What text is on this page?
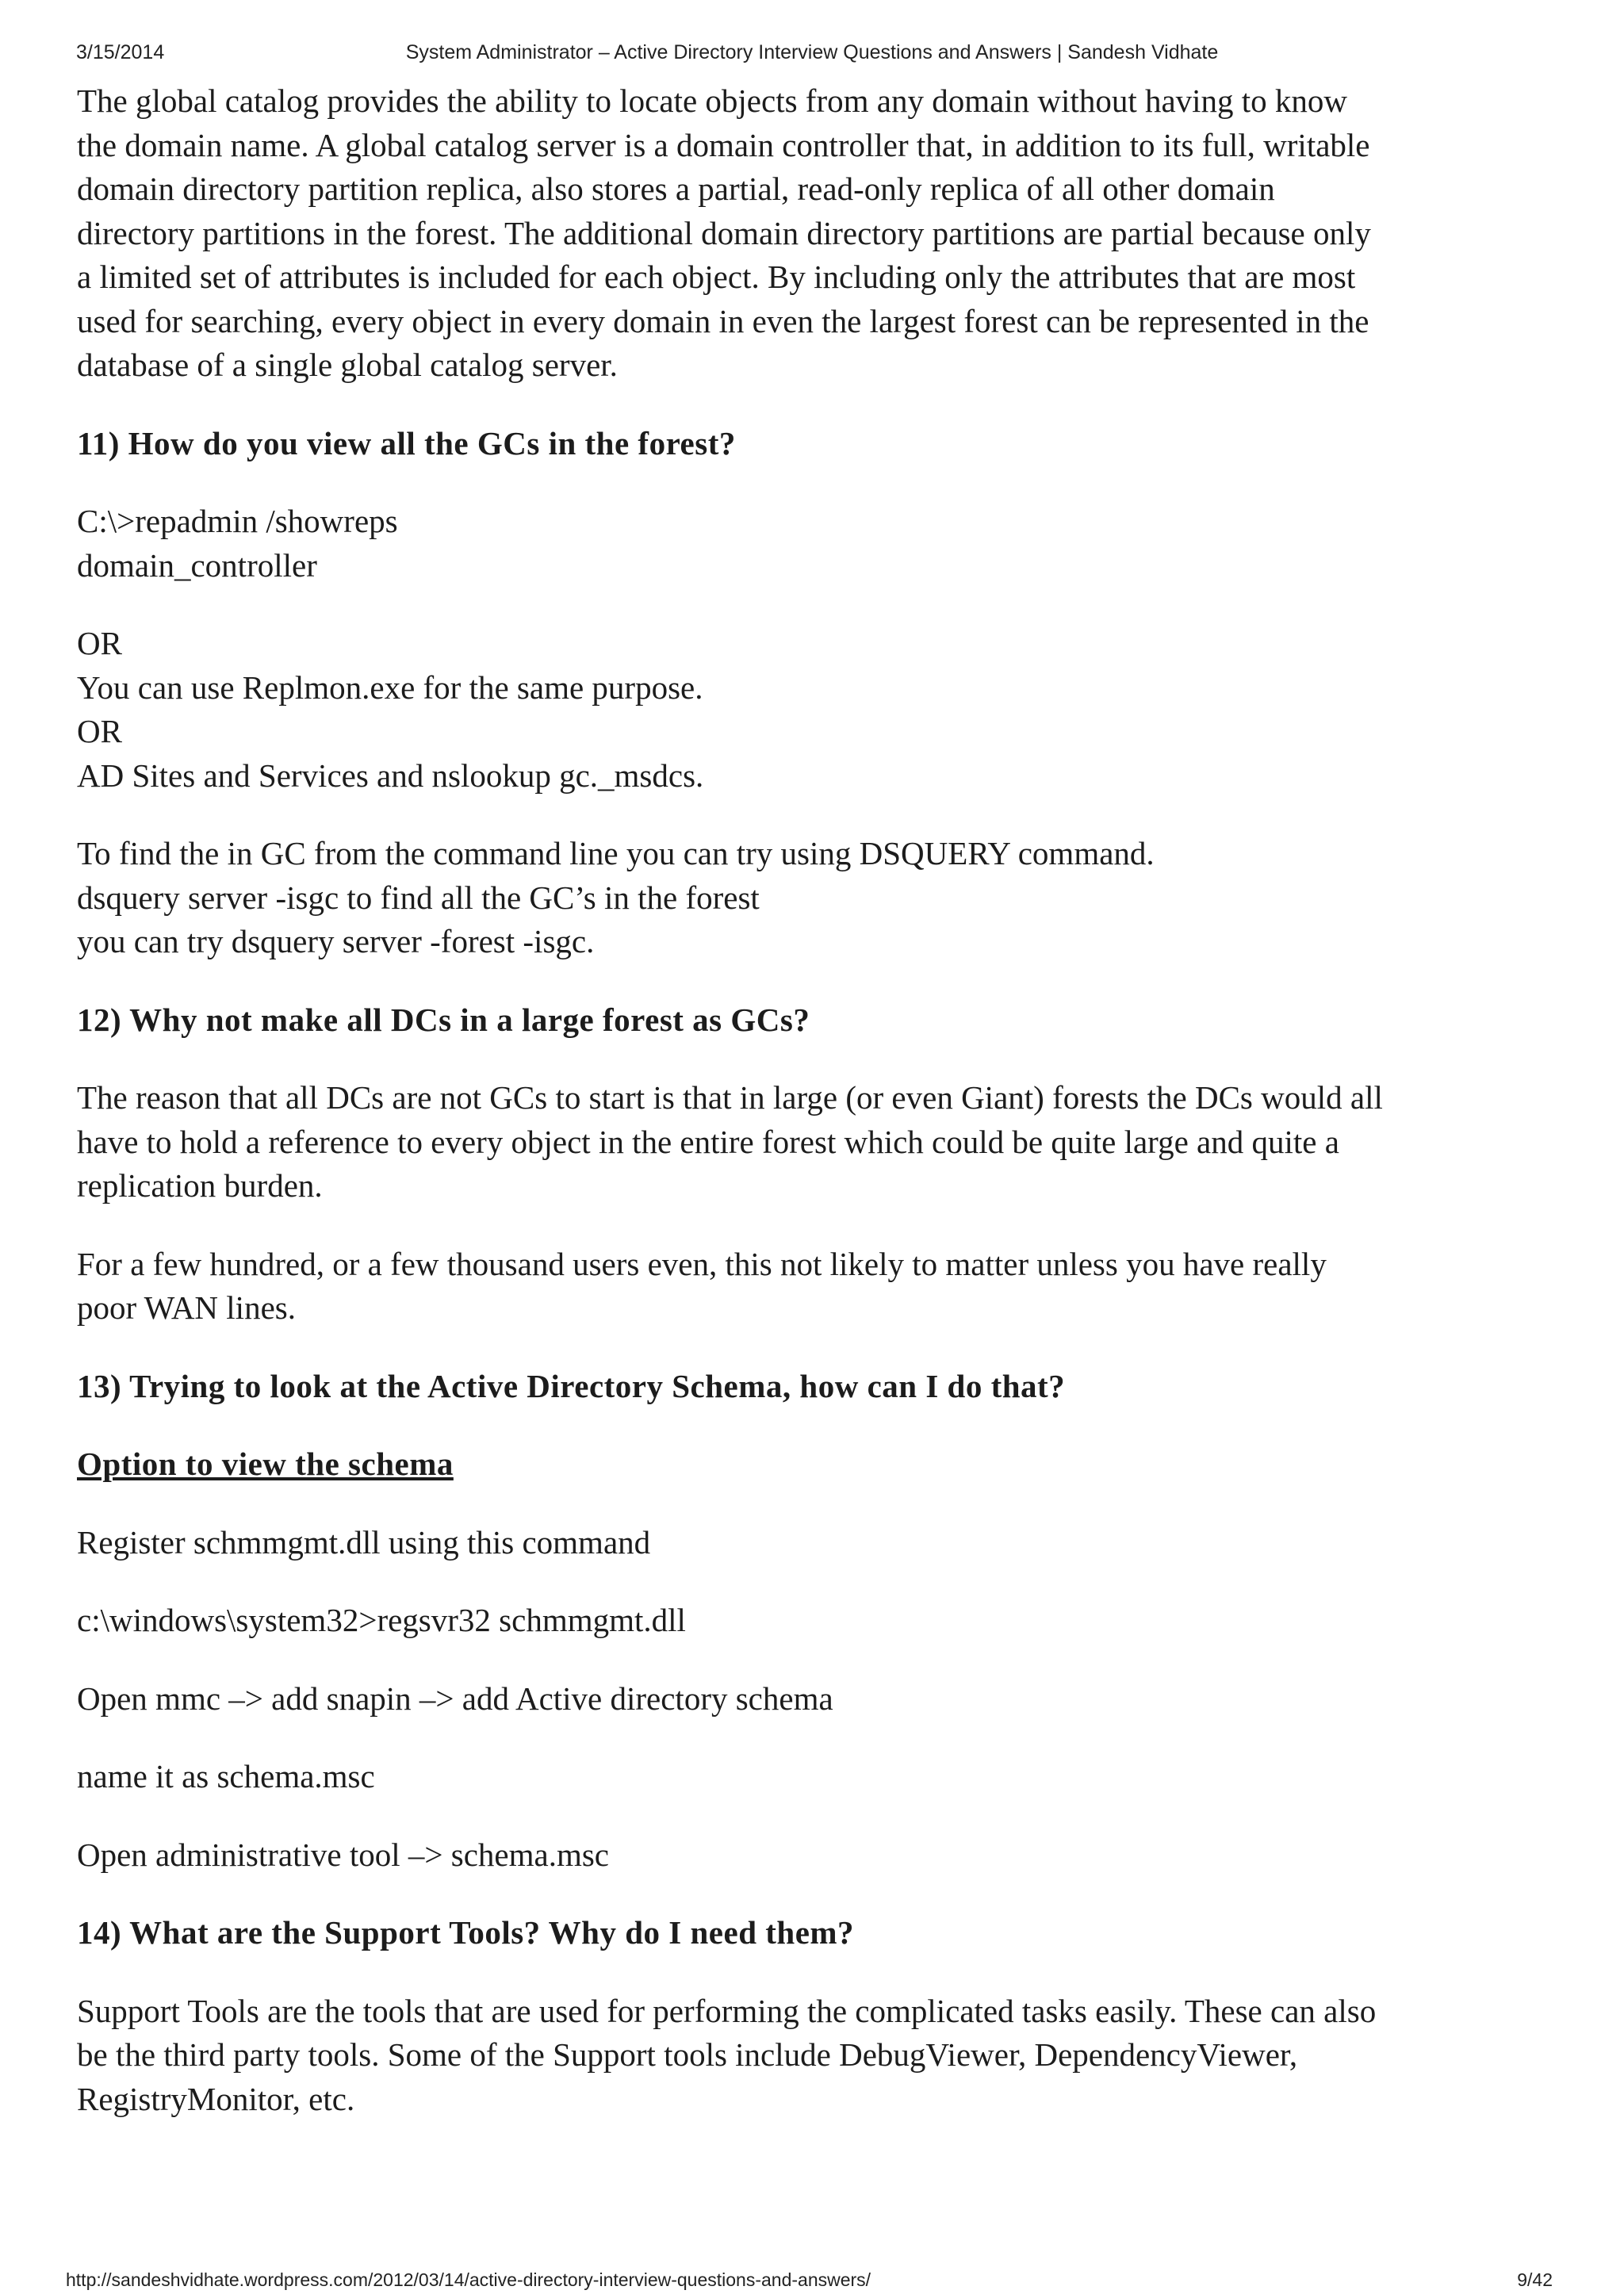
3/15/2014	System Administrator – Active Directory Interview Questions and Answers | Sandesh Vidhate

The global catalog provides the ability to locate objects from any domain without having to know

the domain name. A global catalog server is a domain controller that, in addition to its full, writable

domain directory partition replica, also stores a partial, read-only replica of all other domain

directory partitions in the forest. The additional domain directory partitions are partial because only

a limited set of attributes is included for each object. By including only the attributes that are most

used for searching, every object in every domain in even the largest forest can be represented in the

database of a single global catalog server.

11) How do you view all the GCs in the forest?

C:\>repadmin /showreps

domain_controller

OR

You can use Replmon.exe for the same purpose.

OR

AD Sites and Services and nslookup gc._msdcs.

To find the in GC from the command line you can try using DSQUERY command.

dsquery server -isgc to find all the GC’s in the forest

you can try dsquery server -forest -isgc.

12) Why not make all DCs in a large forest as GCs?

The reason that all DCs are not GCs to start is that in large (or even Giant) forests the DCs would all

have to hold a reference to every object in the entire forest which could be quite large and quite a

replication burden.

For a few hundred, or a few thousand users even, this not likely to matter unless you have really

poor WAN lines.

13) Trying to look at the Active Directory Schema, how can I do that?

Option to view the schema

Register schmmgmt.dll using this command

c:\windows\system32>regsvr32 schmmgmt.dll

Open mmc –> add snapin –> add Active directory schema

name it as schema.msc

Open administrative tool –> schema.msc

14) What are the Support Tools? Why do I need them?

Support Tools are the tools that are used for performing the complicated tasks easily. These can also

be the third party tools. Some of the Support tools include DebugViewer, DependencyViewer,

RegistryMonitor, etc.

http://sandeshvidhate.wordpress.com/2012/03/14/active-directory-interview-questions-and-answers/	9/42
